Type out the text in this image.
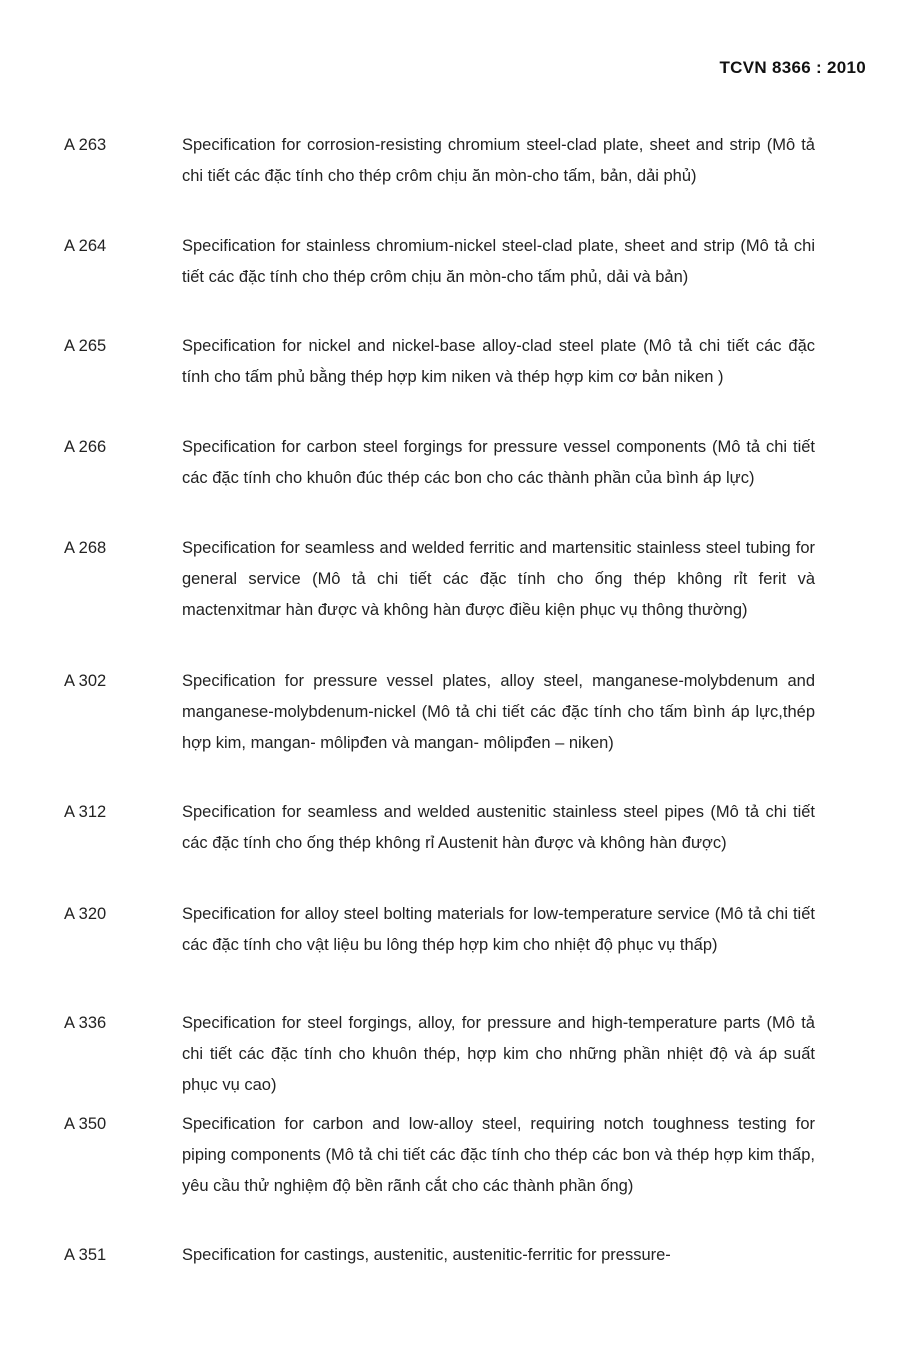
TCVN 8366 : 2010
A 263	Specification for corrosion-resisting chromium steel-clad plate, sheet and strip (Mô tả chi tiết các đặc tính cho thép crôm chịu ăn mòn-cho tấm, bản, dải phủ)
A 264	Specification for stainless chromium-nickel steel-clad plate, sheet and strip (Mô tả chi tiết các đặc tính cho thép crôm chịu ăn mòn-cho tấm phủ, dải và bản)
A 265	Specification for nickel and nickel-base alloy-clad steel plate (Mô tả chi tiết các đặc tính cho tấm phủ bằng thép hợp kim niken và thép hợp kim cơ bản niken )
A 266	Specification for carbon steel forgings for pressure vessel components (Mô tả chi tiết các đặc tính cho khuôn đúc thép các bon cho các thành phần của bình áp lực)
A 268	Specification for seamless and welded ferritic and martensitic stainless steel tubing for general service (Mô tả chi tiết các đặc tính cho ống thép không rỉt ferit và mactenxitmar hàn được và không hàn được điều kiện phục vụ thông thường)
A 302	Specification for pressure vessel plates, alloy steel, manganese-molybdenum and manganese-molybdenum-nickel (Mô tả chi tiết các đặc tính cho tấm bình áp lực,thép hợp kim, mangan- môlipđen và mangan- môlipđen – niken)
A 312	Specification for seamless and welded austenitic stainless steel pipes (Mô tả chi tiết các đặc tính cho ống thép không rỉ Austenit hàn được và không hàn được)
A 320	Specification for alloy steel bolting materials for low-temperature service (Mô tả chi tiết các đặc tính cho vật liệu bu lông thép hợp kim cho nhiệt độ phục vụ thấp)
A 336	Specification for steel forgings, alloy, for pressure and high-temperature parts (Mô tả chi tiết các đặc tính cho khuôn thép, hợp kim cho những phần nhiệt độ và áp suất phục vụ cao)
A 350	Specification for carbon and low-alloy steel, requiring notch toughness testing for piping components (Mô tả chi tiết các đặc tính cho thép các bon và thép hợp kim thấp, yêu cầu thử nghiệm độ bền rãnh cắt cho các thành phần ống)
A 351	Specification for castings, austenitic, austenitic-ferritic for pressure-
